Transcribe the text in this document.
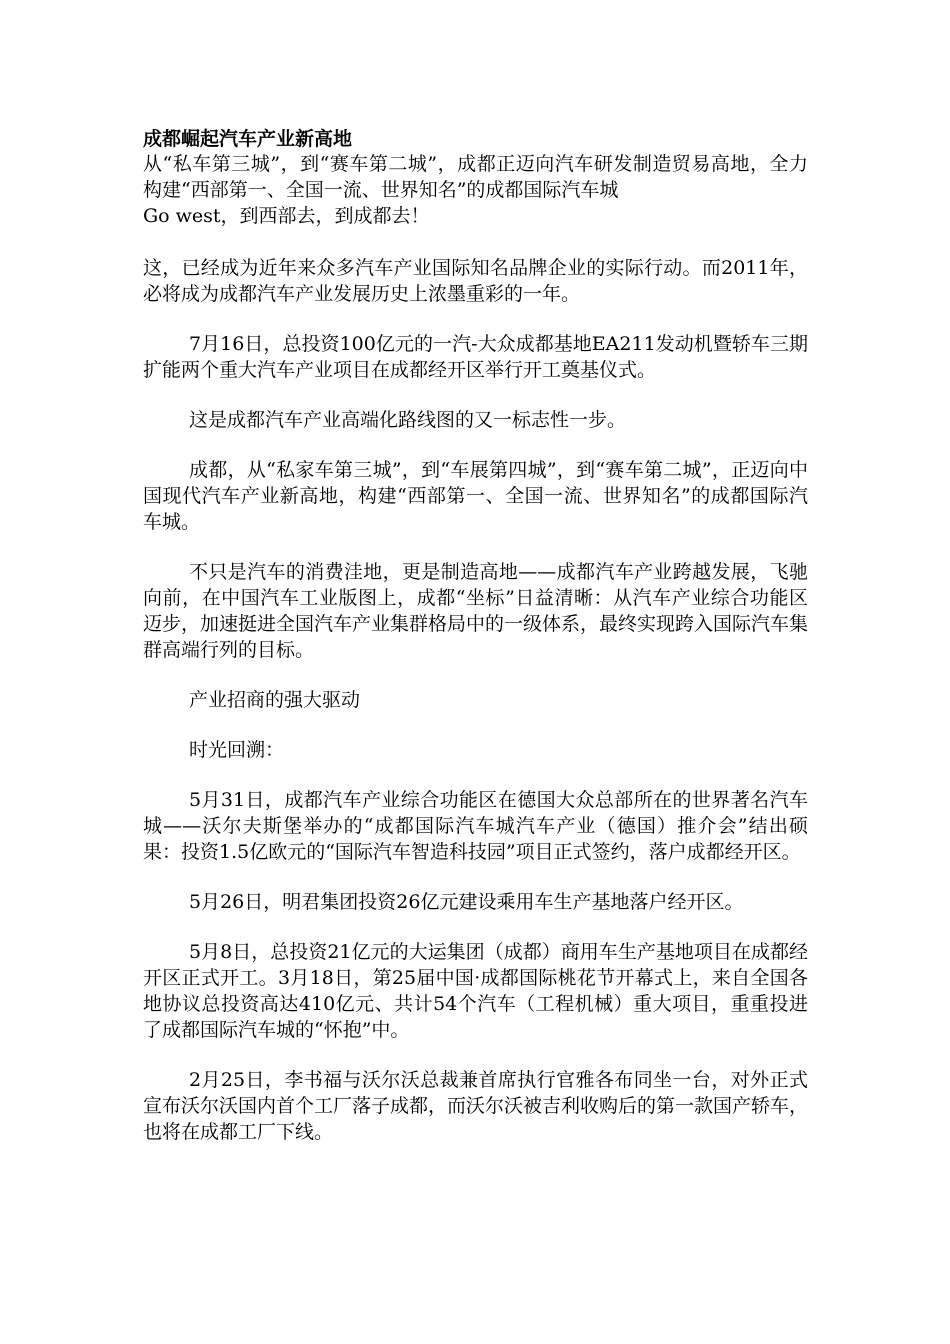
成都崛起汽车产业新高地

从“私车第三城”，到“赛车第二城”，成都正迈向汽车研发制造贸易高地，全力构建“西部第一、全国一流、世界知名”的成都国际汽车城

Go west，到西部去，到成都去！

这，已经成为近年来众多汽车产业国际知名品牌企业的实际行动。而2011年，必将成为成都汽车产业发展历史上浓墨重彩的一年。

7月16日，总投资100亿元的一汽-大众成都基地EA211发动机暨轿车三期扩能两个重大汽车产业项目在成都经开区举行开工奠基仪式。

这是成都汽车产业高端化路线图的又一标志性一步。

成都，从“私家车第三城”，到“车展第四城”，到“赛车第二城”，正迈向中国现代汽车产业新高地，构建“西部第一、全国一流、世界知名”的成都国际汽车城。

不只是汽车的消费洼地，更是制造高地——成都汽车产业跨越发展，飞驰向前，在中国汽车工业版图上，成都“坐标”日益清晰：从汽车产业综合功能区迈步，加速挺进全国汽车产业集群格局中的一级体系，最终实现跨入国际汽车集群高端行列的目标。

产业招商的强大驱动

时光回溯：

5月31日，成都汽车产业综合功能区在德国大众总部所在的世界著名汽车城——沃尔夫斯堡举办的“成都国际汽车城汽车产业（德国）推介会”结出硕果：投资1.5亿欧元的“国际汽车智造科技园”项目正式签约，落户成都经开区。

5月26日，明君集团投资26亿元建设乘用车生产基地落户经开区。

5月8日，总投资21亿元的大运集团（成都）商用车生产基地项目在成都经开区正式开工。3月18日，第25届中国·成都国际桃花节开幕式上，来自全国各地协议总投资高达410亿元、共计54个汽车（工程机械）重大项目，重重投进了成都国际汽车城的“怀抱”中。

2月25日，李书福与沃尔沃总裁兼首席执行官雅各布同坐一台，对外正式宣布沃尔沃国内首个工厂落子成都，而沃尔沃被吉利收购后的第一款国产轿车，也将在成都工厂下线。
